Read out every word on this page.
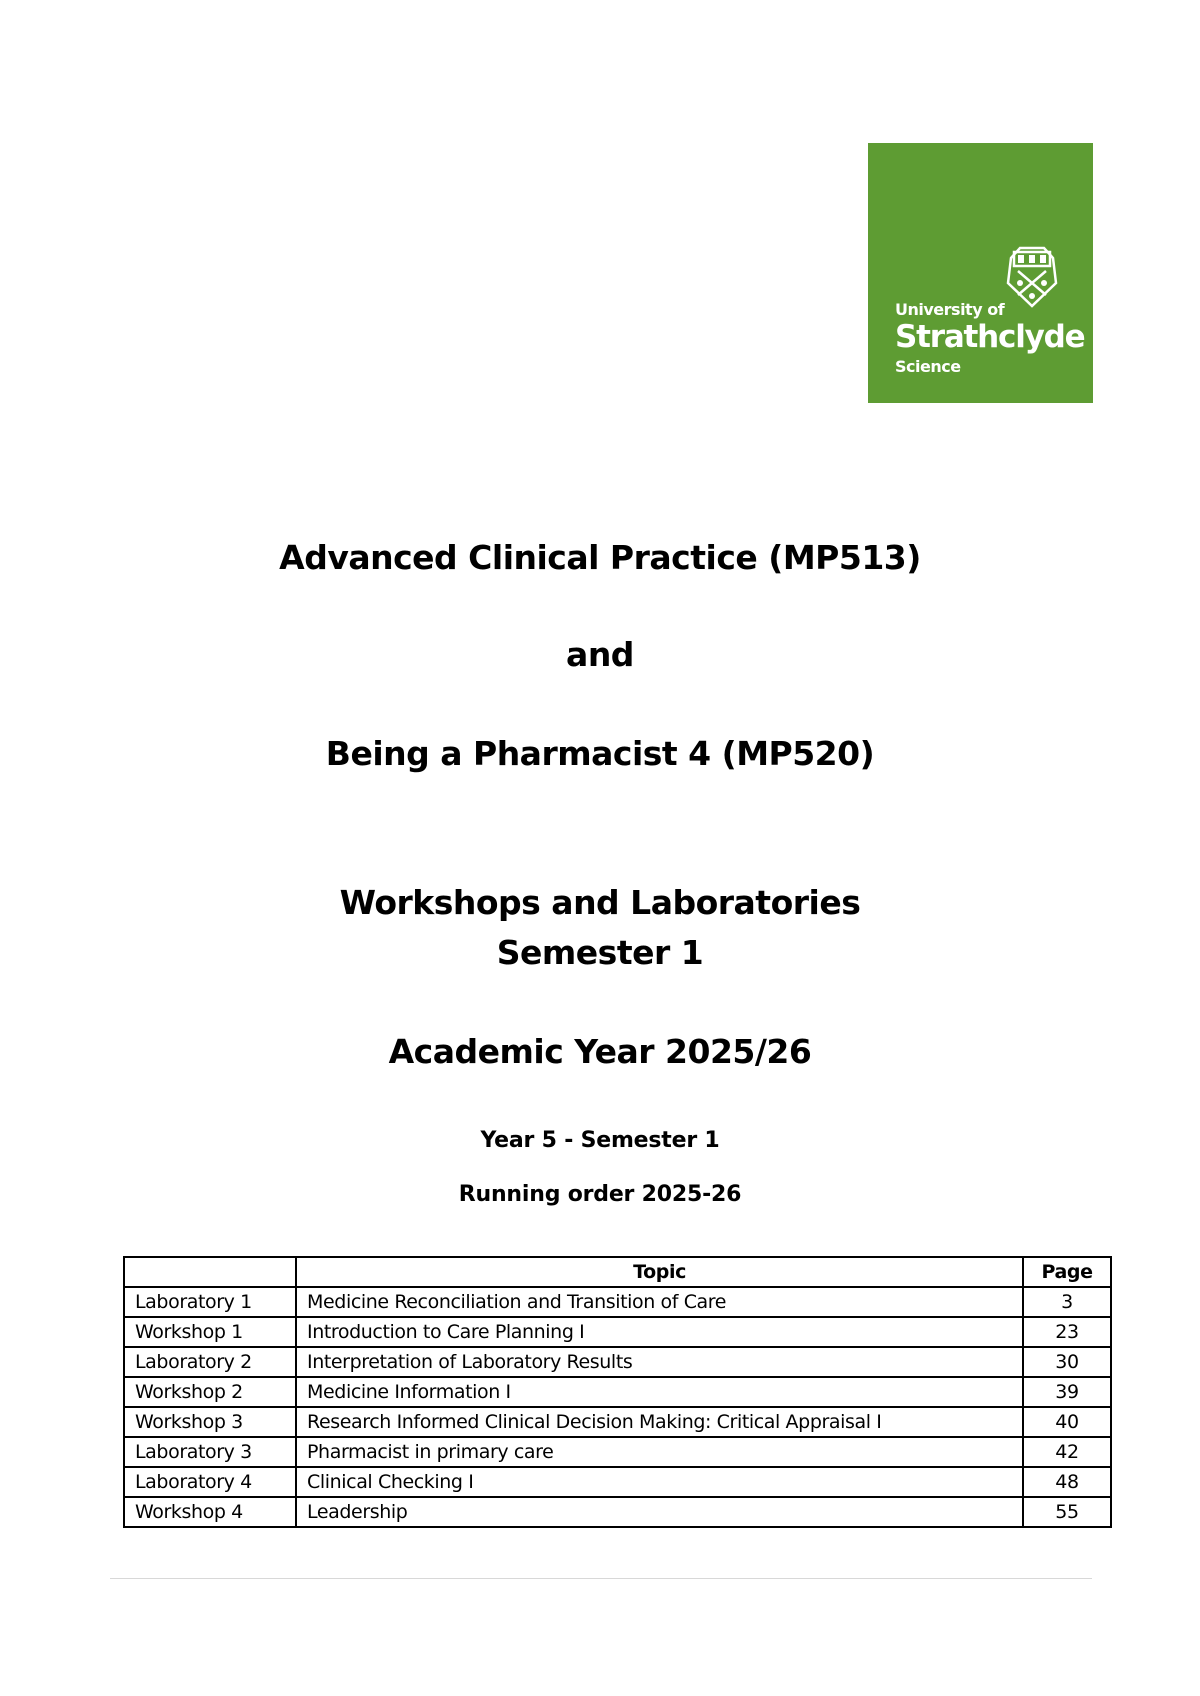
University of
Strathclyde
Science
Advanced Clinical Practice (MP513)
and
Being a Pharmacist 4 (MP520)
Workshops and Laboratories
Semester 1
Academic Year 2025/26
Year 5 - Semester 1
Running order 2025-26
	Topic	Page
Laboratory 1	Medicine Reconciliation and Transition of Care	3
Workshop 1	Introduction to Care Planning I	23
Laboratory 2	Interpretation of Laboratory Results	30
Workshop 2	Medicine Information I	39
Workshop 3	Research Informed Clinical Decision Making: Critical Appraisal I	40
Laboratory 3	Pharmacist in primary care	42
Laboratory 4	Clinical Checking I	48
Workshop 4	Leadership	55
